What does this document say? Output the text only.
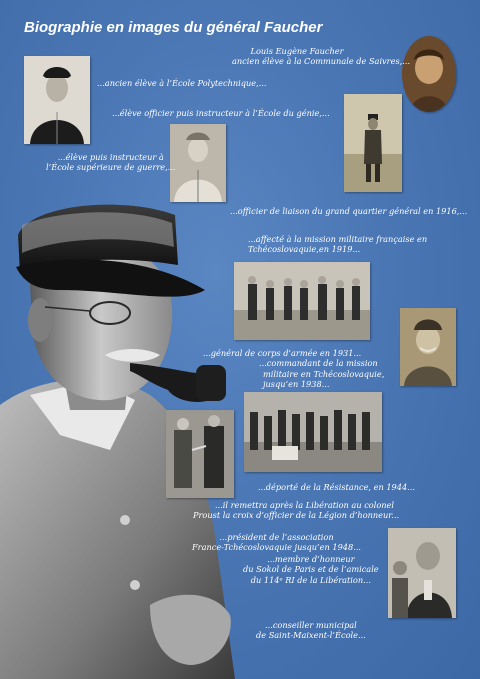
Biographie en images du général Faucher
Louis Eugène Faucher
ancien élève à la Communale de Saivres,...
...ancien élève à l’École Polytechnique,...
...élève officier puis instructeur à l’École du génie,...
...élève puis instructeur à
l’École supérieure de guerre,...
...officier de liaison du grand quartier général en 1916,...
...affecté à la mission militaire française en
Tchécoslovaquie,en 1919...
...général de corps d’armée en 1931...
...commandant de la mission
militaire en Tchécoslovaquie,
jusqu’en 1938...
...déporté de la Résistance, en 1944...
...il remettra après la Libération au colonel
Proust la croix d’officier de la Légion d’honneur...
...président de l’association
France-Tchécoslovaquie jusqu’en 1948...
...membre d’honneur
du Sokol de Paris et de l’amicale
du 114ᵉ RI de la Libération...
...conseiller municipal
de Saint-Maixent-l’École...
